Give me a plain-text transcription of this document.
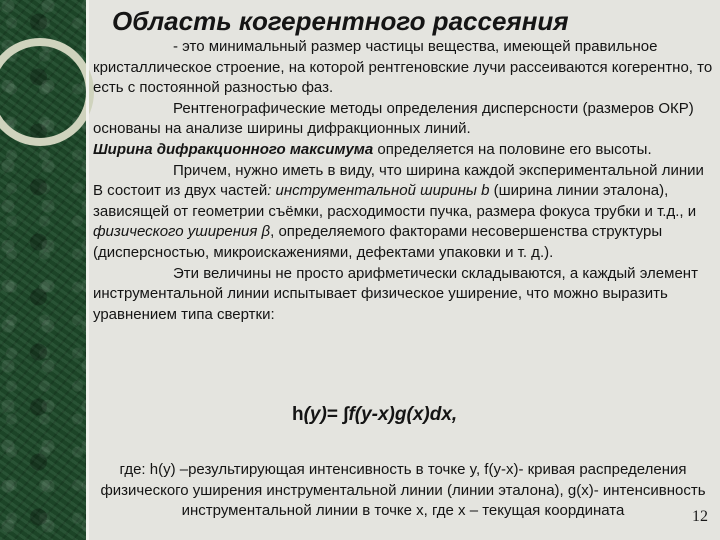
Область когерентного рассеяния

- это минимальный размер частицы вещества, имеющей правильное кристаллическое строение, на которой рентгеновские лучи рассеиваются когерентно, то есть с постоянной разностью фаз.

Рентгенографические методы определения дисперсности (размеров ОКР) основаны на анализе ширины дифракционных линий.

Ширина дифракционного максимума определяется на половине его высоты.

Причем, нужно иметь в виду, что ширина каждой экспериментальной линии B состоит из двух частей: инструментальной ширины b (ширина линии эталона), зависящей от геометрии съёмки, расходимости пучка, размера фокуса трубки и т.д., и физического уширения β, определяемого факторами несовершенства структуры (дисперсностью, микроискажениями, дефектами упаковки и т. д.).

Эти величины не просто арифметически складываются, а каждый элемент инструментальной линии испытывает физическое уширение, что можно выразить уравнением типа свертки:

h(y)= ∫f(y-x)g(x)dx,
где: h(y) –результирующая интенсивность в точке y, f(y-x)- кривая распределения физического уширения инструментальной линии (линии эталона), g(x)- интенсивность инструментальной линии в точке x, где x – текущая координата	12
